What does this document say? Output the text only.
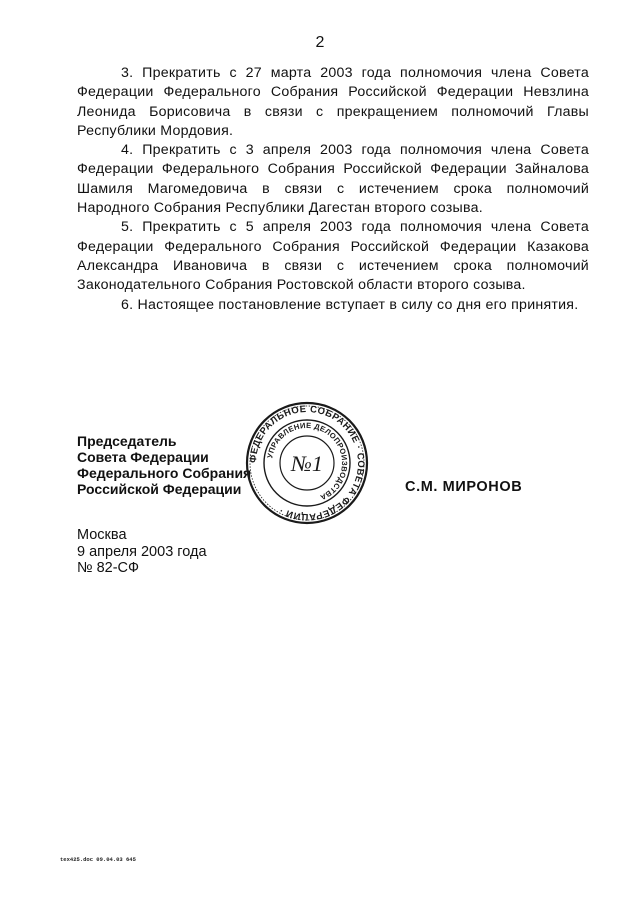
2

3. Прекратить с 27 марта 2003 года полномочия члена Совета Федерации Федерального Собрания Российской Федерации Невзлина Леонида Борисовича в связи с прекращением полномочий Главы Республики Мордовия.

4. Прекратить с 3 апреля 2003 года полномочия члена Совета Федерации Федерального Собрания Российской Федерации Зайналова Шамиля Магомедовича в связи с истечением срока полномочий Народного Собрания Республики Дагестан второго созыва.

5. Прекратить с 5 апреля 2003 года полномочия члена Совета Федерации Федерального Собрания Российской Федерации Казакова Александра Ивановича в связи с истечением срока полномочий Законодательного Собрания Ростовской области второго созыва.

6. Настоящее постановление вступает в силу со дня его принятия.

Председатель
Совета Федерации
Федерального Собрания
Российской Федерации
ФЕДЕРАЛЬНОЕ СОБРАНИЕ · СОВЕТА ФЕДЕРАЦИИ ·
УПРАВЛЕНИЕ ДЕЛОПРОИЗВОДСТВА
№1
С.М. МИРОНОВ
Москва
9 апреля 2003 года
№ 82-СФ
tex425.doc 09.04.03 645
